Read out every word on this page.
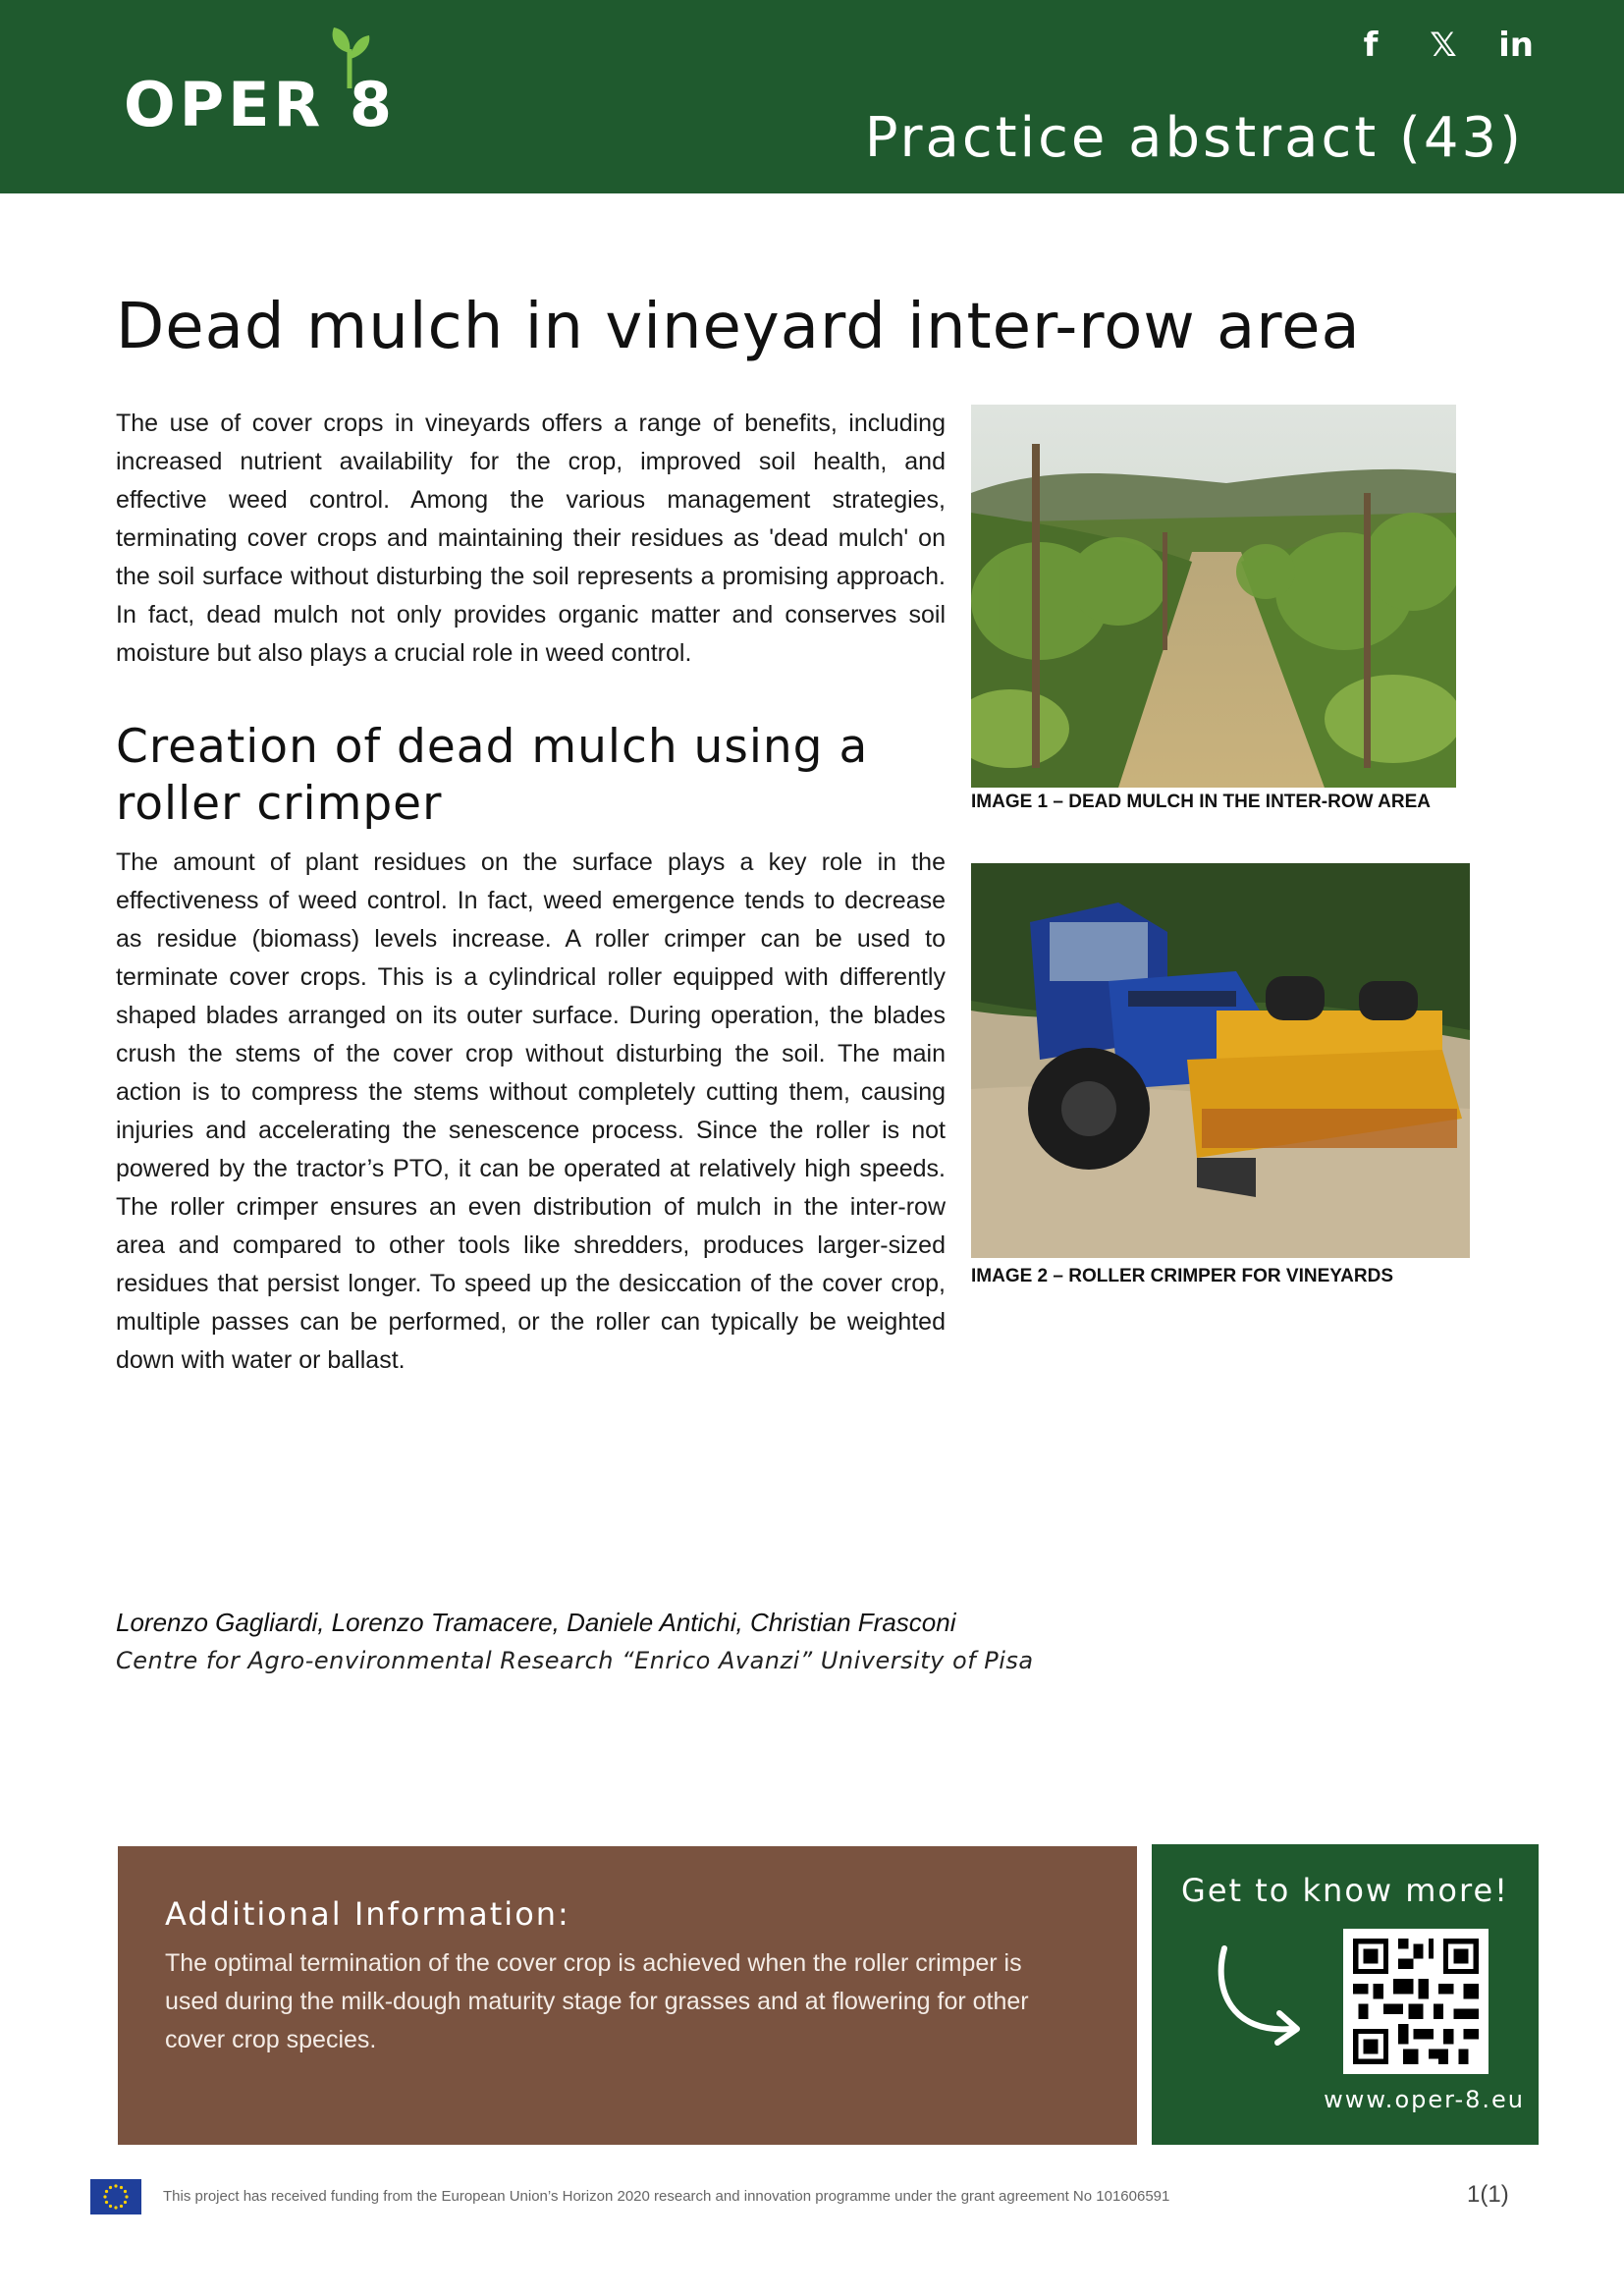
OPER 8
f	𝕏 in
Practice abstract (43)
Dead mulch in vineyard inter-row area

The use of cover crops in vineyards offers a range of benefits, including increased nutrient availability for the crop, improved soil health, and effective weed control. Among the various management strategies, terminating cover crops and maintaining their residues as 'dead mulch' on the soil surface without disturbing the soil represents a promising approach. In fact, dead mulch not only provides organic matter and conserves soil moisture but also plays a crucial role in weed control.

Creation of dead mulch using a roller crimper

The amount of plant residues on the surface plays a key role in the effectiveness of weed control. In fact, weed emergence tends to decrease as residue (biomass) levels increase. A roller crimper can be used to terminate cover crops. This is a cylindrical roller equipped with differently shaped blades arranged on its outer surface. During operation, the blades crush the stems of the cover crop without disturbing the soil. The main action is to compress the stems without completely cutting them, causing injuries and accelerating the senescence process. Since the roller is not powered by the tractor’s PTO, it can be operated at relatively high speeds. The roller crimper ensures an even distribution of mulch in the inter-row area and compared to other tools like shredders, produces larger-sized residues that persist longer. To speed up the desiccation of the cover crop, multiple passes can be performed, or the roller can typically be weighted down with water or ballast.

IMAGE 1 – DEAD MULCH IN THE INTER-ROW AREA
IMAGE 2 – ROLLER CRIMPER FOR VINEYARDS
Lorenzo Gagliardi, Lorenzo Tramacere, Daniele Antichi, Christian Frasconi
Centre for Agro-environmental Research “Enrico Avanzi” University of Pisa
Additional Information:

The optimal termination of the cover crop is achieved when the roller crimper is used during the milk-dough maturity stage for grasses and at flowering for other cover crop species.

Get to know more!
www.oper-8.eu
This project has received funding from the European Union’s Horizon 2020 research and innovation programme under the grant agreement No 101606591	1(1)
